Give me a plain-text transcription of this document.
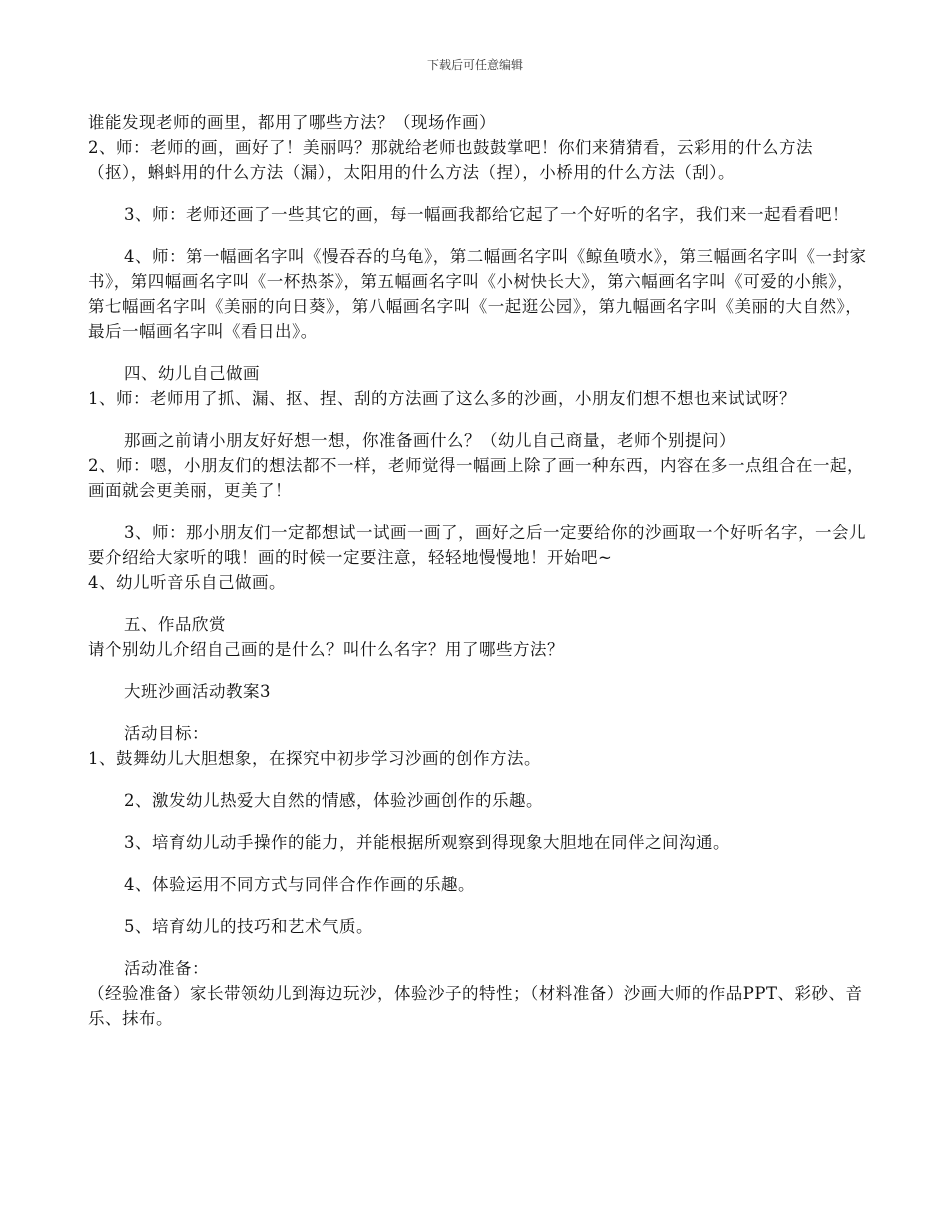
下载后可任意编辑

谁能发现老师的画里，都用了哪些方法？（现场作画）

2、师：老师的画，画好了！美丽吗？那就给老师也鼓鼓掌吧！你们来猜猜看，云彩用的什么方法（抠），蝌蚪用的什么方法（漏），太阳用的什么方法（捏），小桥用的什么方法（刮）。

3、师：老师还画了一些其它的画，每一幅画我都给它起了一个好听的名字，我们来一起看看吧！

4、师：第一幅画名字叫《慢吞吞的乌龟》，第二幅画名字叫《鲸鱼喷水》，第三幅画名字叫《一封家书》，第四幅画名字叫《一杯热茶》，第五幅画名字叫《小树快长大》，第六幅画名字叫《可爱的小熊》，第七幅画名字叫《美丽的向日葵》，第八幅画名字叫《一起逛公园》，第九幅画名字叫《美丽的大自然》，最后一幅画名字叫《看日出》。

四、幼儿自己做画

1、师：老师用了抓、漏、抠、捏、刮的方法画了这么多的沙画，小朋友们想不想也来试试呀？

那画之前请小朋友好好想一想，你准备画什么？（幼儿自己商量，老师个别提问）

2、师：嗯，小朋友们的想法都不一样，老师觉得一幅画上除了画一种东西，内容在多一点组合在一起，画面就会更美丽，更美了！

3、师：那小朋友们一定都想试一试画一画了，画好之后一定要给你的沙画取一个好听名字，一会儿要介绍给大家听的哦！画的时候一定要注意，轻轻地慢慢地！开始吧~

4、幼儿听音乐自己做画。

五、作品欣赏

请个别幼儿介绍自己画的是什么？叫什么名字？用了哪些方法？

大班沙画活动教案3

活动目标：

1、鼓舞幼儿大胆想象，在探究中初步学习沙画的创作方法。

2、激发幼儿热爱大自然的情感，体验沙画创作的乐趣。

3、培育幼儿动手操作的能力，并能根据所观察到得现象大胆地在同伴之间沟通。

4、体验运用不同方式与同伴合作作画的乐趣。

5、培育幼儿的技巧和艺术气质。

活动准备：

（经验准备）家长带领幼儿到海边玩沙，体验沙子的特性；（材料准备）沙画大师的作品PPT、彩砂、音乐、抹布。
